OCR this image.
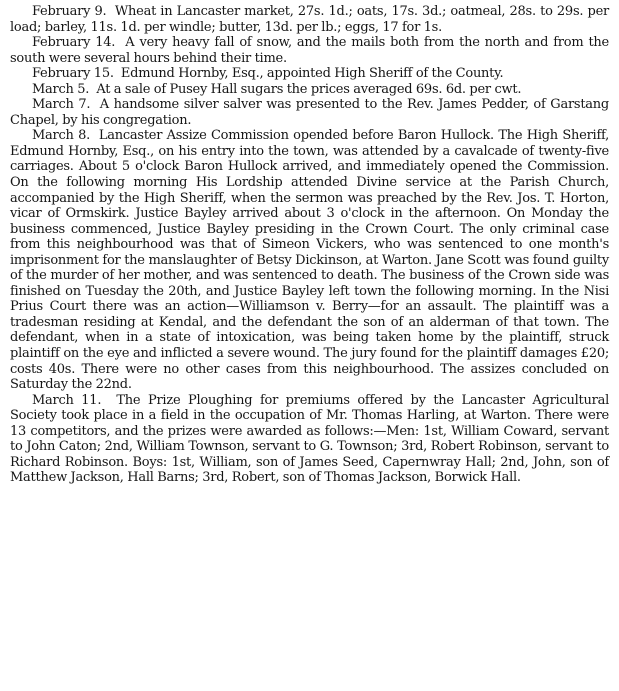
February 9. Wheat in Lancaster market, 27s. 1d.; oats, 17s. 3d.; oatmeal, 28s. to 29s. per load; barley, 11s. 1d. per windle; butter, 13d. per lb.; eggs, 17 for 1s.

February 14. A very heavy fall of snow, and the mails both from the north and from the south were several hours behind their time.

February 15. Edmund Hornby, Esq., appointed High Sheriff of the County.

March 5. At a sale of Pusey Hall sugars the prices averaged 69s. 6d. per cwt.

March 7. A handsome silver salver was presented to the Rev. James Pedder, of Garstang Chapel, by his congregation.

March 8. Lancaster Assize Commission opended before Baron Hullock. The High Sheriff, Edmund Hornby, Esq., on his entry into the town, was attended by a cavalcade of twenty-five carriages. About 5 o'clock Baron Hullock arrived, and immediately opened the Commission. On the following morning His Lordship attended Divine service at the Parish Church, accompanied by the High Sheriff, when the sermon was preached by the Rev. Jos. T. Horton, vicar of Ormskirk. Justice Bayley arrived about 3 o'clock in the afternoon. On Monday the business commenced, Justice Bayley presiding in the Crown Court. The only criminal case from this neighbourhood was that of Simeon Vickers, who was sentenced to one month's imprisonment for the manslaughter of Betsy Dickinson, at Warton. Jane Scott was found guilty of the murder of her mother, and was sentenced to death. The business of the Crown side was finished on Tuesday the 20th, and Justice Bayley left town the following morning. In the Nisi Prius Court there was an action—Williamson v. Berry—for an assault. The plaintiff was a tradesman residing at Kendal, and the defendant the son of an alderman of that town. The defendant, when in a state of intoxication, was being taken home by the plaintiff, struck plaintiff on the eye and inflicted a severe wound. The jury found for the plaintiff damages £20; costs 40s. There were no other cases from this neighbourhood. The assizes concluded on Saturday the 22nd.

March 11. The Prize Ploughing for premiums offered by the Lancaster Agricultural Society took place in a field in the occupation of Mr. Thomas Harling, at Warton. There were 13 competitors, and the prizes were awarded as follows:—Men: 1st, William Coward, servant to John Caton; 2nd, William Townson, servant to G. Townson; 3rd, Robert Robinson, servant to Richard Robinson. Boys: 1st, William, son of James Seed, Capernwray Hall; 2nd, John, son of Matthew Jackson, Hall Barns; 3rd, Robert, son of Thomas Jackson, Borwick Hall.
